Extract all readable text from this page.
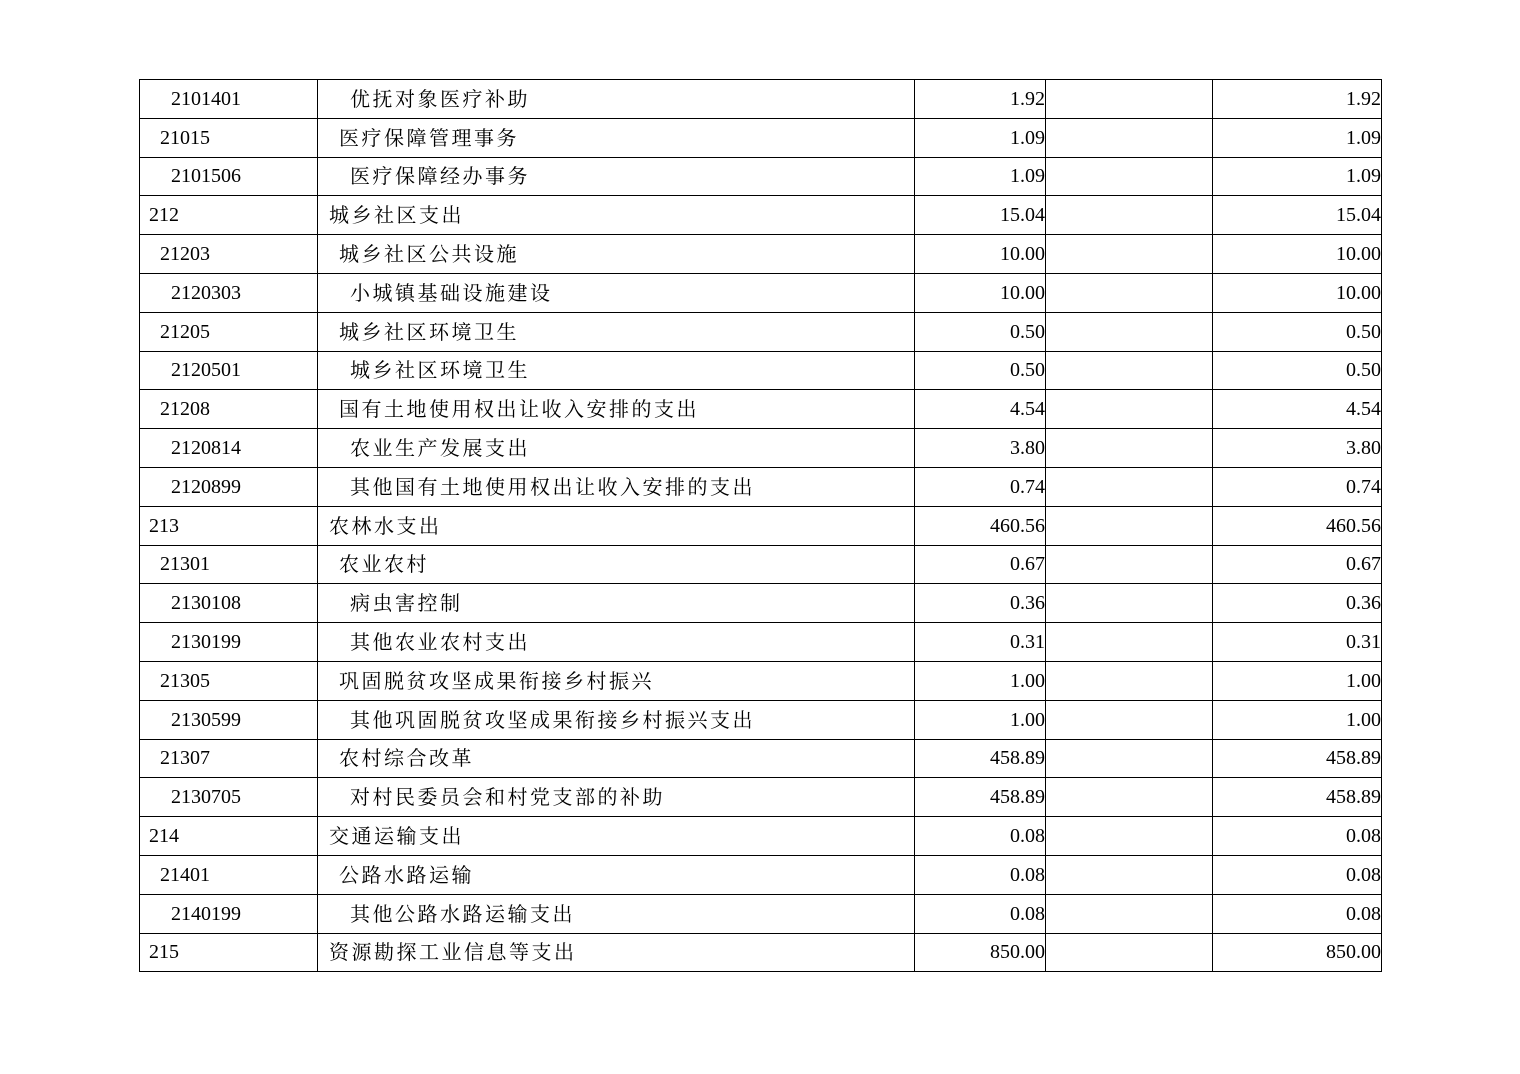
2101401	优抚对象医疗补助	1.92		1.92
21015	医疗保障管理事务	1.09		1.09
2101506	医疗保障经办事务	1.09		1.09
212	城乡社区支出	15.04		15.04
21203	城乡社区公共设施	10.00		10.00
2120303	小城镇基础设施建设	10.00		10.00
21205	城乡社区环境卫生	0.50		0.50
2120501	城乡社区环境卫生	0.50		0.50
21208	国有土地使用权出让收入安排的支出	4.54		4.54
2120814	农业生产发展支出	3.80		3.80
2120899	其他国有土地使用权出让收入安排的支出	0.74		0.74
213	农林水支出	460.56		460.56
21301	农业农村	0.67		0.67
2130108	病虫害控制	0.36		0.36
2130199	其他农业农村支出	0.31		0.31
21305	巩固脱贫攻坚成果衔接乡村振兴	1.00		1.00
2130599	其他巩固脱贫攻坚成果衔接乡村振兴支出	1.00		1.00
21307	农村综合改革	458.89		458.89
2130705	对村民委员会和村党支部的补助	458.89		458.89
214	交通运输支出	0.08		0.08
21401	公路水路运输	0.08		0.08
2140199	其他公路水路运输支出	0.08		0.08
215	资源勘探工业信息等支出	850.00		850.00
